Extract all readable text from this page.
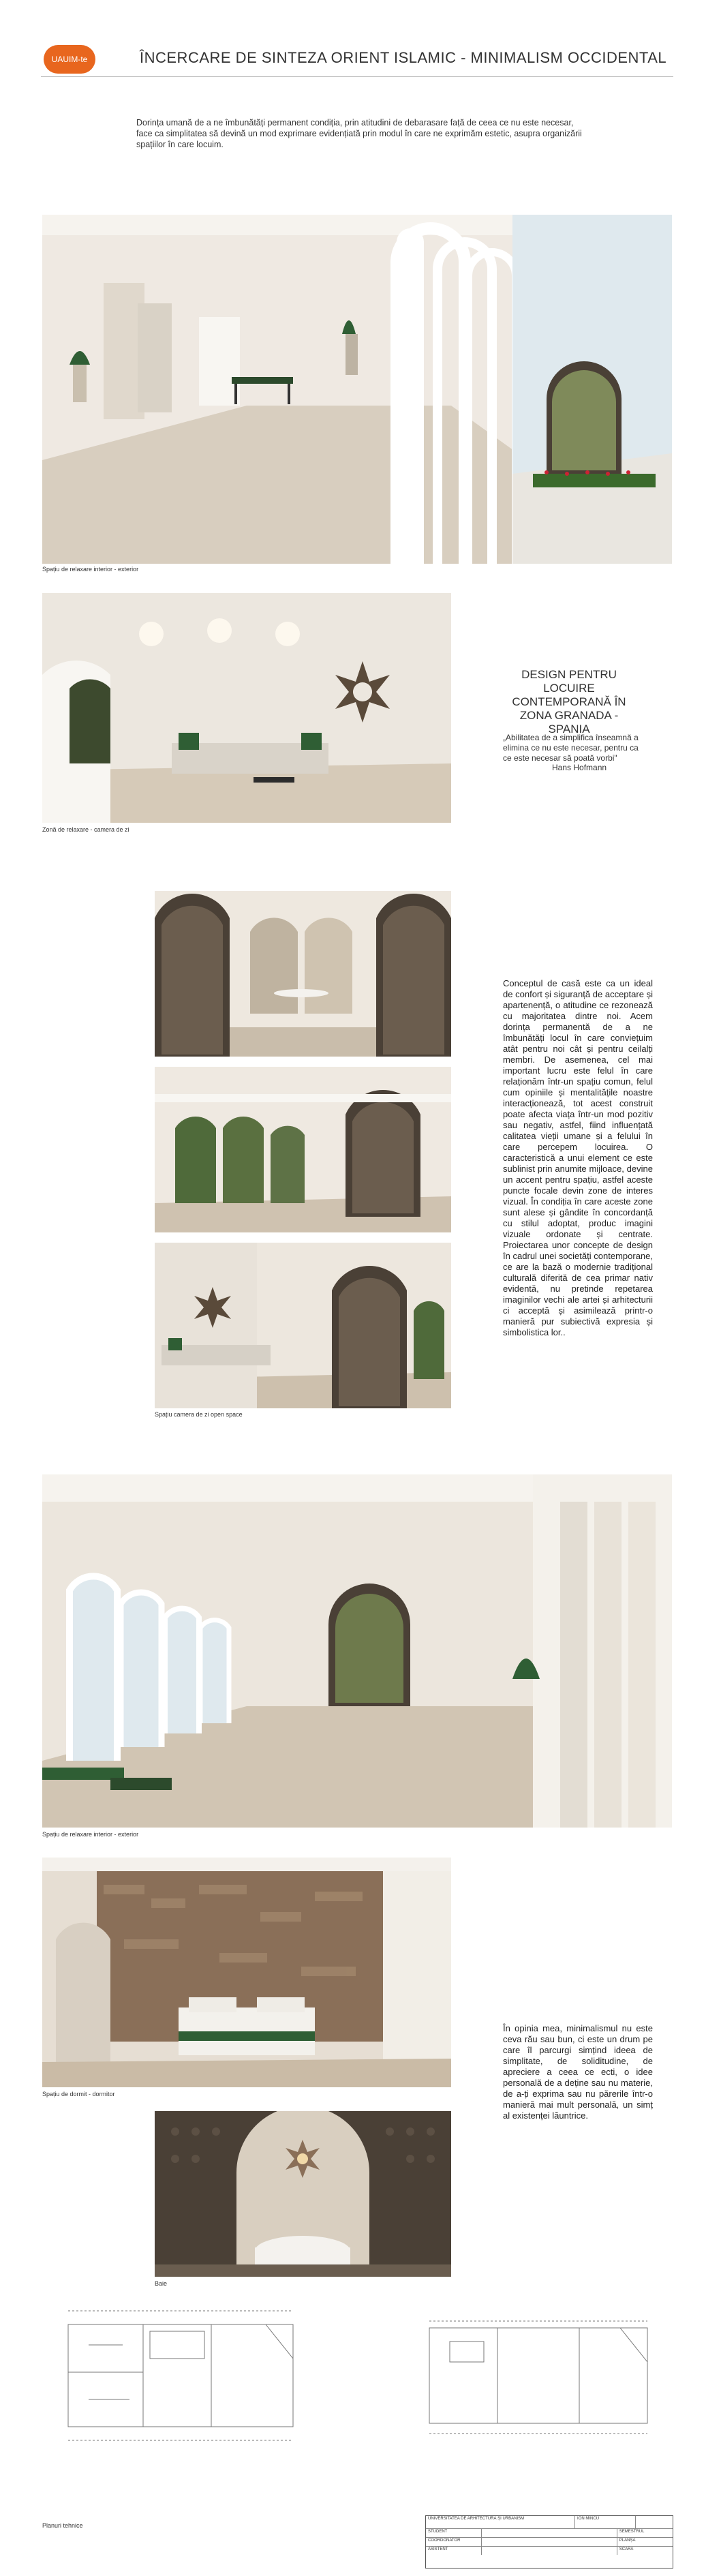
UAUIM-te	ÎNCERCARE DE SINTEZA ORIENT ISLAMIC - MINIMALISM OCCIDENTAL
Dorința umană de a ne îmbunătăți permanent condiția, prin atitudini de debarasare față de ceea ce nu este necesar, face ca simplitatea să devină un mod exprimare evidențiată prin modul în care ne exprimăm estetic, asupra organizării spațiilor în care locuim.
Spațiu de relaxare interior - exterior
Zonă de relaxare - camera de zi
DESIGN PENTRU LOCUIRE CONTEMPORANĂ ÎN ZONA GRANADA - SPANIA
„Abilitatea de a simplifica înseamnă a elimina ce nu este necesar, pentru ca ce este necesar să poată vorbi"
Hans Hofmann
Spațiu camera de zi open space
Conceptul de casă este ca un ideal de confort și siguranță de acceptare și apartenență, o atitudine ce rezonează cu majoritatea dintre noi. Acem dorința permanentă de a ne îmbunătăți locul în care conviețuim atât pentru noi cât și pentru ceilalți membri. De asemenea, cel mai important lucru este felul în care relaționăm într-un spațiu comun, felul cum opiniile și mentalitățile noastre interacționează, tot acest construit poate afecta viața într-un mod pozitiv sau negativ, astfel, fiind influențată calitatea vieții umane și a felului în care percepem locuirea. O caracteristică a unui element ce este sublinist prin anumite mijloace, devine un accent pentru spațiu, astfel aceste puncte focale devin zone de interes vizual. În condiția în care aceste zone sunt alese și gândite în concordanță cu stilul adoptat, produc imagini vizuale ordonate și centrate. Proiectarea unor concepte de design în cadrul unei societăți contemporane, ce are la bază o modernie tradițional culturală diferită de cea primar nativ evidentă, nu pretinde repetarea imaginilor vechi ale artei și arhitecturii ci acceptă și asimilează printr-o manieră pur subiectivă expresia și simbolistica lor..
Spațiu de relaxare interior - exterior
Spațiu de dormit - dormitor
În opinia mea, minimalismul nu este ceva rău sau bun, ci este un drum pe care îl parcurgi simțind ideea de simplitate, de soliditudine, de apreciere a ceea ce ecti, o idee personală de a deține sau nu materie, de a-ți exprima sau nu părerile într-o manieră mai mult personală, un simț al existenței lăuntrice.
Baie
Planuri tehnice
UNIVERSITATEA DE ARHITECTURĂ ȘI URBANISM	ION MINCU
STUDENT	SEMESTRUL
COORDONATOR	PLANȘA
ASISTENT	SCARA
